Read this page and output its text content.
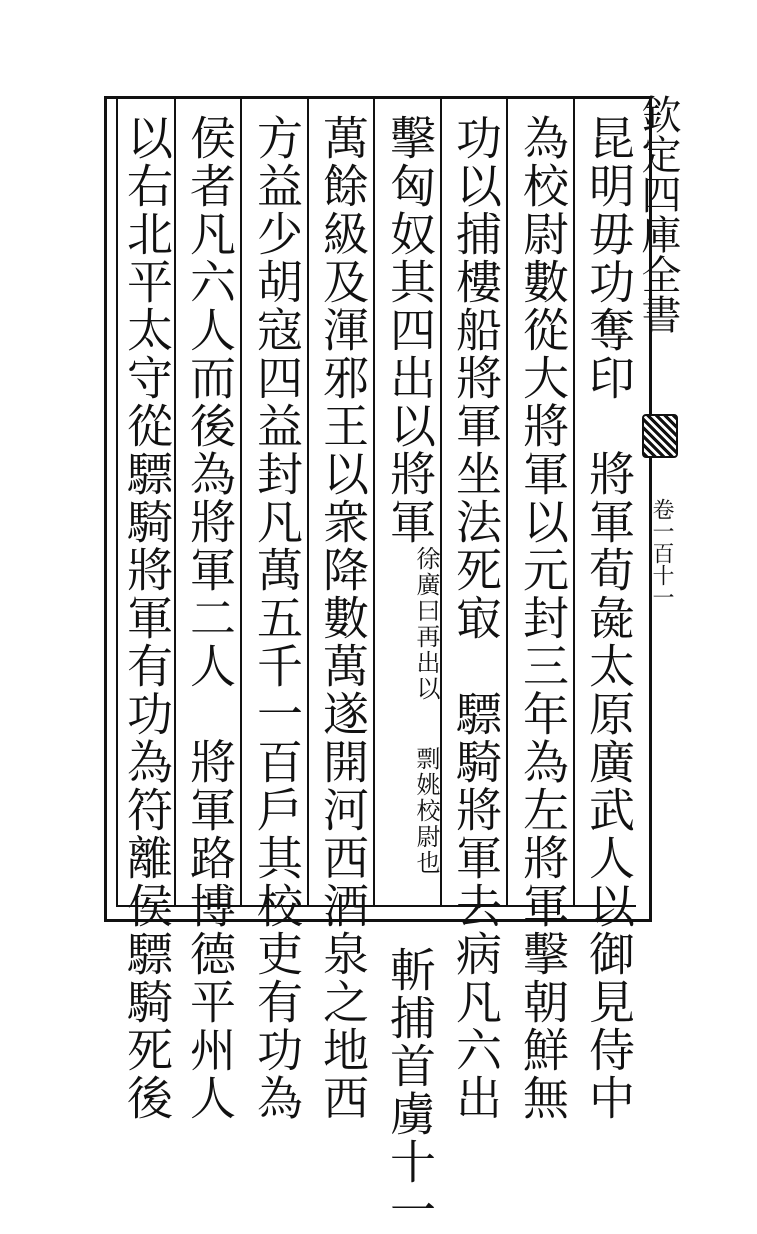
昆明毋功奪印　將軍荀彘太原廣武人以御見侍中
為校尉數從大將軍以元封三年為左將軍擊朝鮮無
功以捕樓船將軍坐法死㝡　驃騎將軍去病凡六出
擊匈奴其四出以將軍徐廣曰再出以剽姚校尉也斬捕首虜十一
萬餘級及渾邪王以衆降數萬遂開河西酒泉之地西
方益少胡寇四益封凡萬五千一百戶其校吏有功為
侯者凡六人而後為將軍二人　將軍路博德平州人
以右北平太守從驃騎將軍有功為符離侯驃騎死後	欽定四庫全書
卷一百十一
